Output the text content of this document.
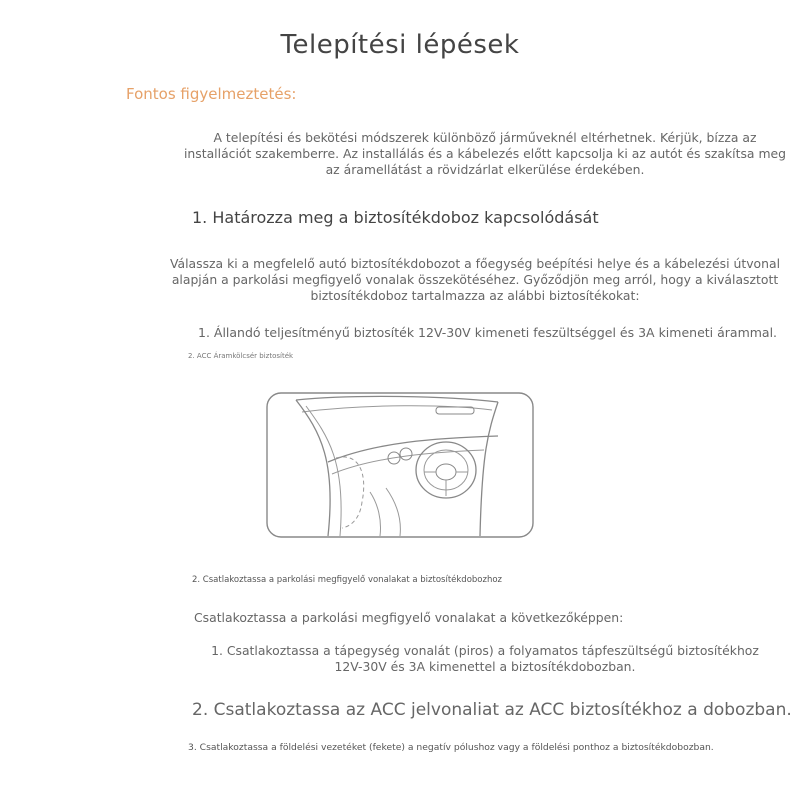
Telepítési lépések
Fontos figyelmeztetés:
A telepítési és bekötési módszerek különböző járműveknél eltérhetnek. Kérjük, bízza az installációt szakemberre. Az installálás és a kábelezés előtt kapcsolja ki az autót és szakítsa meg az áramellátást a rövidzárlat elkerülése érdekében.
1. Határozza meg a biztosítékdoboz kapcsolódását
Válassza ki a megfelelő autó biztosítékdobozot a főegység beépítési helye és a kábelezési útvonal alapján a parkolási megfigyelő vonalak összekötéséhez. Győződjön meg arról, hogy a kiválasztott biztosítékdoboz tartalmazza az alábbi biztosítékokat:
1. Állandó teljesítményű biztosíték 12V-30V kimeneti feszültséggel és 3A kimeneti árammal.
2. ACC Áramkölcsér biztosíték
2. Csatlakoztassa a parkolási megfigyelő vonalakat a biztosítékdobozhoz
Csatlakoztassa a parkolási megfigyelő vonalakat a következőképpen:
1. Csatlakoztassa a tápegység vonalát (piros) a folyamatos tápfeszültségű biztosítékhoz 12V-30V és 3A kimenettel a biztosítékdobozban.
2. Csatlakoztassa az ACC jelvonaliat az ACC biztosítékhoz a dobozban.
3. Csatlakoztassa a földelési vezetéket (fekete) a negatív pólushoz vagy a földelési ponthoz a biztosítékdobozban.
